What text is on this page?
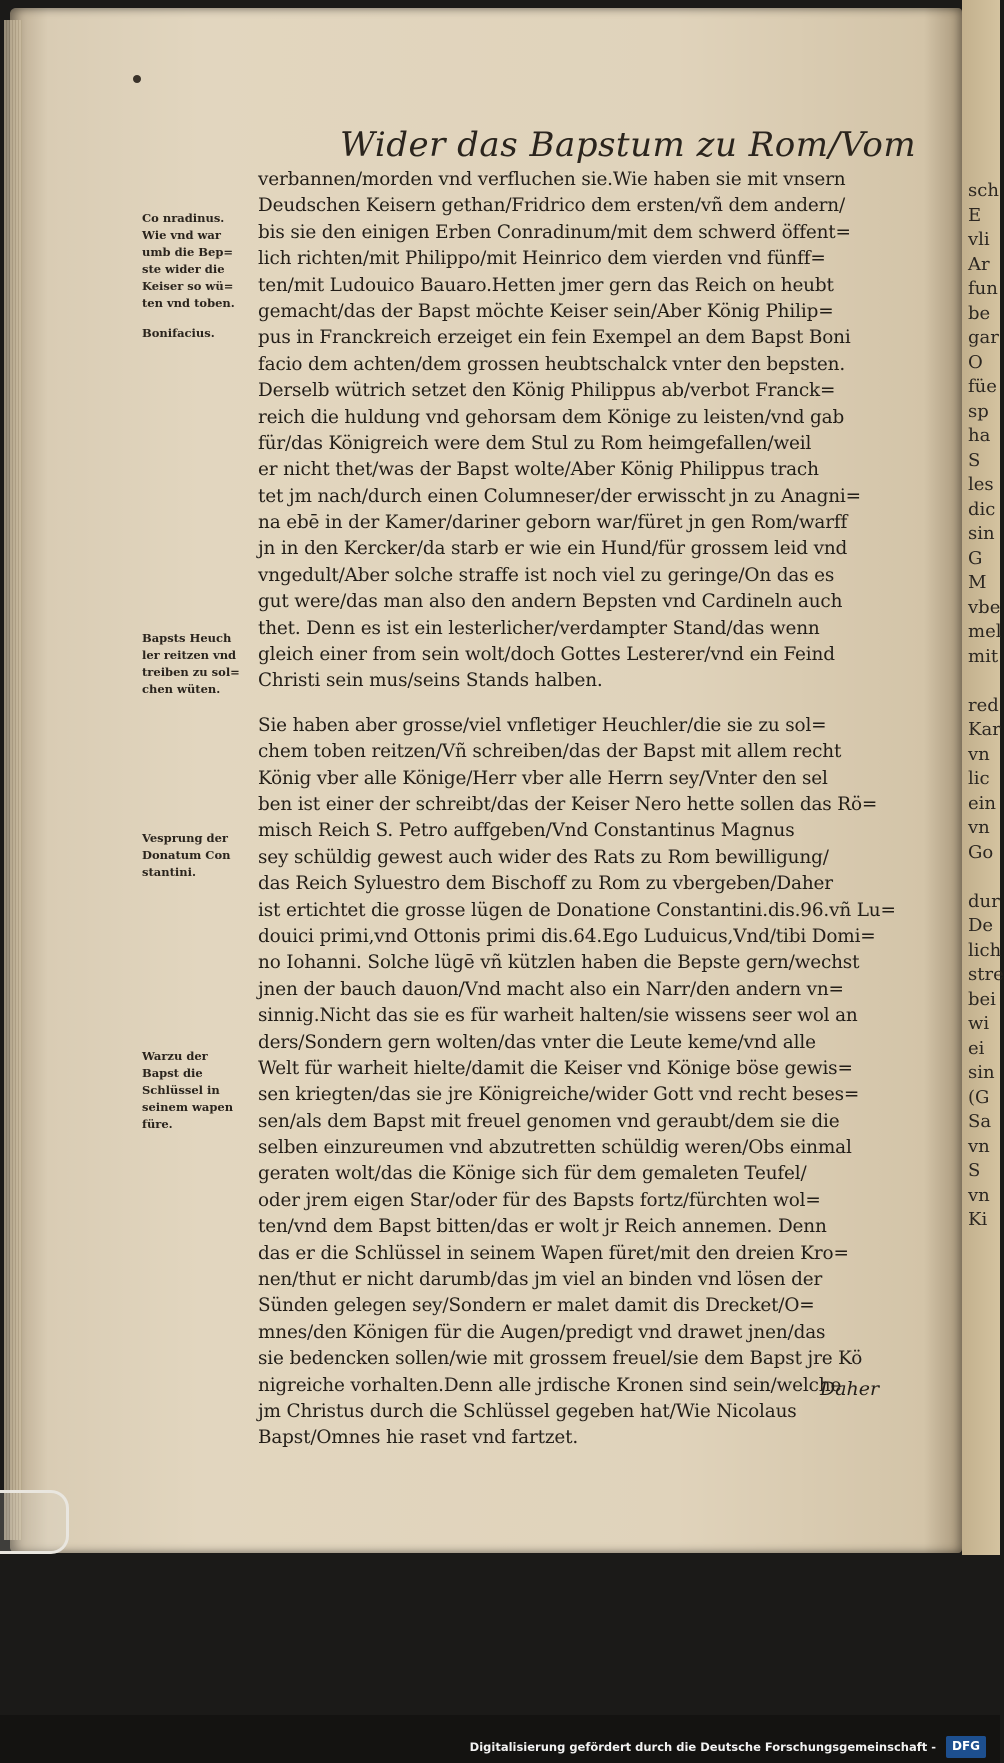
sch
E
vli
Ar
fun
be
gar
O
füe
sp
ha
S
les
dic
sin
G
M
vbe
mel
mit
red
Kar
vn
lic
ein
vn
Go
dur
De
lich
stre
bei
wi
ei
sin
(G
Sa
vn
S
vn
Ki
Wider das Bapstum zu Rom/Vom
verbannen/morden vnd verfluchen sie.Wie haben sie mit vnsern
Deudschen Keisern gethan/Fridrico dem ersten/vñ dem andern/
bis sie den einigen Erben Conradinum/mit dem schwerd öffent=
lich richten/mit Philippo/mit Heinrico dem vierden vnd fünff=
ten/mit Ludouico Bauaro.Hetten jmer gern das Reich on heubt
gemacht/das der Bapst möchte Keiser sein/Aber König Philip=
pus in Franckreich erzeiget ein fein Exempel an dem Bapst Boni
facio dem achten/dem grossen heubtschalck vnter den bepsten.
Derselb wütrich setzet den König Philippus ab/verbot Franck=
reich die huldung vnd gehorsam dem Könige zu leisten/vnd gab
für/das Königreich were dem Stul zu Rom heimgefallen/weil
er nicht thet/was der Bapst wolte/Aber König Philippus trach
tet jm nach/durch einen Columneser/der erwisscht jn zu Anagni=
na ebē in der Kamer/dariner geborn war/füret jn gen Rom/warff
jn in den Kercker/da starb er wie ein Hund/für grossem leid vnd
vngedult/Aber solche straffe ist noch viel zu geringe/On das es
gut were/das man also den andern Bepsten vnd Cardineln auch
thet. Denn es ist ein lesterlicher/verdampter Stand/das wenn
gleich einer from sein wolt/doch Gottes Lesterer/vnd ein Feind
Christi sein mus/seins Stands halben.
Sie haben aber grosse/viel vnfletiger Heuchler/die sie zu sol=
chem toben reitzen/Vñ schreiben/das der Bapst mit allem recht
König vber alle Könige/Herr vber alle Herrn sey/Vnter den sel
ben ist einer der schreibt/das der Keiser Nero hette sollen das Rö=
misch Reich S. Petro auffgeben/Vnd Constantinus Magnus
sey schüldig gewest auch wider des Rats zu Rom bewilligung/
das Reich Syluestro dem Bischoff zu Rom zu vbergeben/Daher
ist ertichtet die grosse lügen de Donatione Constantini.dis.96.vñ Lu=
douici primi,vnd Ottonis primi dis.64.Ego Luduicus,Vnd/tibi Domi=
no Iohanni. Solche lügē vñ kützlen haben die Bepste gern/wechst
jnen der bauch dauon/Vnd macht also ein Narr/den andern vn=
sinnig.Nicht das sie es für warheit halten/sie wissens seer wol an
ders/Sondern gern wolten/das vnter die Leute keme/vnd alle
Welt für warheit hielte/damit die Keiser vnd Könige böse gewis=
sen kriegten/das sie jre Königreiche/wider Gott vnd recht beses=
sen/als dem Bapst mit freuel genomen vnd geraubt/dem sie die
selben einzureumen vnd abzutretten schüldig weren/Obs einmal
geraten wolt/das die Könige sich für dem gemaleten Teufel/
oder jrem eigen Star/oder für des Bapsts fortz/fürchten wol=
ten/vnd dem Bapst bitten/das er wolt jr Reich annemen. Denn
das er die Schlüssel in seinem Wapen füret/mit den dreien Kro=
nen/thut er nicht darumb/das jm viel an binden vnd lösen der
Sünden gelegen sey/Sondern er malet damit dis Drecket/O=
mnes/den Königen für die Augen/predigt vnd drawet jnen/das
sie bedencken sollen/wie mit grossem freuel/sie dem Bapst jre Kö
nigreiche vorhalten.Denn alle jrdische Kronen sind sein/welche
jm Christus durch die Schlüssel gegeben hat/Wie Nicolaus
Bapst/Omnes hie raset vnd fartzet.
Co nradinus.
Wie vnd war
umb die Bep=
ste wider die
Keiser so wü=
ten vnd toben.
Bonifacius.
Bapsts Heuch
ler reitzen vnd
treiben zu sol=
chen wüten.
Vesprung der
Donatum Con
stantini.
Warzu der
Bapst die
Schlüssel in
seinem wapen
füre.
Daher
Digitalisierung gefördert durch die Deutsche Forschungsgemeinschaft -	DFG
